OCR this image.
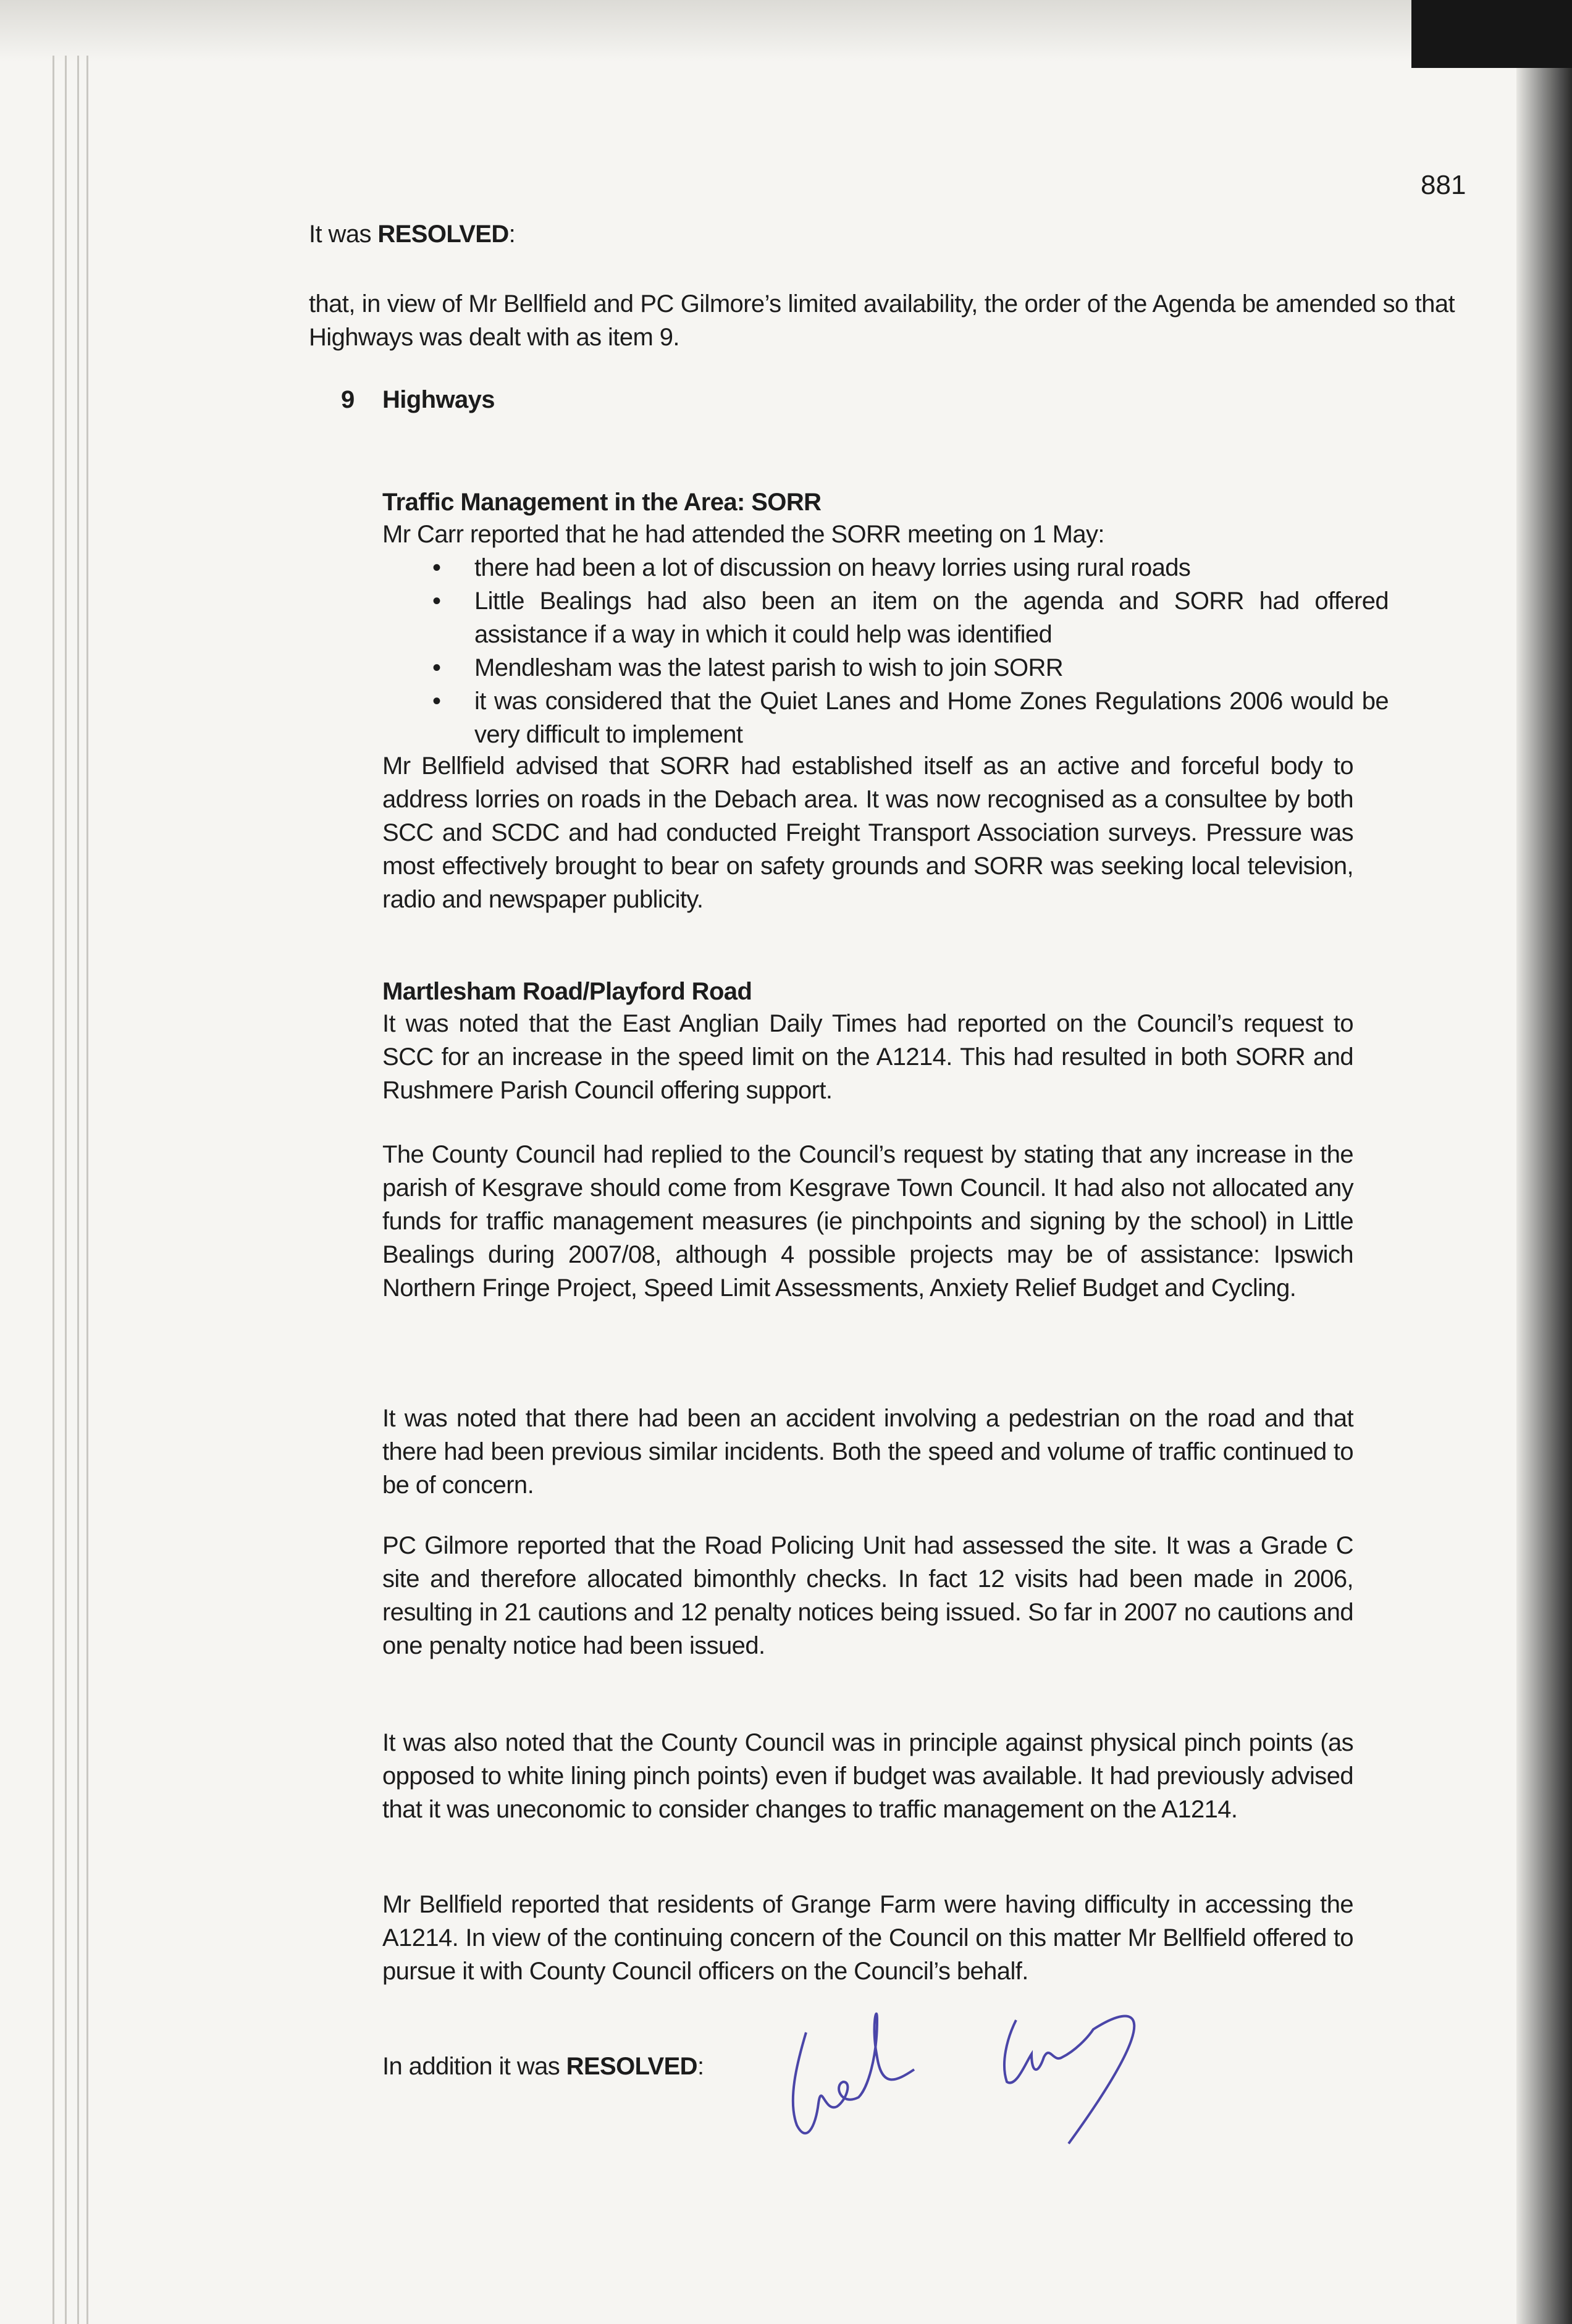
881
It was RESOLVED:
that, in view of Mr Bellfield and PC Gilmore’s limited availability, the order of the Agenda be amended so that Highways was dealt with as item 9.
9 Highways
Traffic Management in the Area: SORR
Mr Carr reported that he had attended the SORR meeting on 1 May:
• there had been a lot of discussion on heavy lorries using rural roads
• Little Bealings had also been an item on the agenda and SORR had offered assistance if a way in which it could help was identified
• Mendlesham was the latest parish to wish to join SORR
• it was considered that the Quiet Lanes and Home Zones Regulations 2006 would be very difficult to implement
Mr Bellfield advised that SORR had established itself as an active and forceful body to address lorries on roads in the Debach area. It was now recognised as a consultee by both SCC and SCDC and had conducted Freight Transport Association surveys. Pressure was most effectively brought to bear on safety grounds and SORR was seeking local television, radio and newspaper publicity.
Martlesham Road/Playford Road
It was noted that the East Anglian Daily Times had reported on the Council’s request to SCC for an increase in the speed limit on the A1214. This had resulted in both SORR and Rushmere Parish Council offering support.
The County Council had replied to the Council’s request by stating that any increase in the parish of Kesgrave should come from Kesgrave Town Council. It had also not allocated any funds for traffic management measures (ie pinchpoints and signing by the school) in Little Bealings during 2007/08, although 4 possible projects may be of assistance: Ipswich Northern Fringe Project, Speed Limit Assessments, Anxiety Relief Budget and Cycling.
It was noted that there had been an accident involving a pedestrian on the road and that there had been previous similar incidents. Both the speed and volume of traffic continued to be of concern.
PC Gilmore reported that the Road Policing Unit had assessed the site. It was a Grade C site and therefore allocated bimonthly checks. In fact 12 visits had been made in 2006, resulting in 21 cautions and 12 penalty notices being issued. So far in 2007 no cautions and one penalty notice had been issued.
It was also noted that the County Council was in principle against physical pinch points (as opposed to white lining pinch points) even if budget was available. It had previously advised that it was uneconomic to consider changes to traffic management on the A1214.
Mr Bellfield reported that residents of Grange Farm were having difficulty in accessing the A1214. In view of the continuing concern of the Council on this matter Mr Bellfield offered to pursue it with County Council officers on the Council’s behalf.
In addition it was RESOLVED:
